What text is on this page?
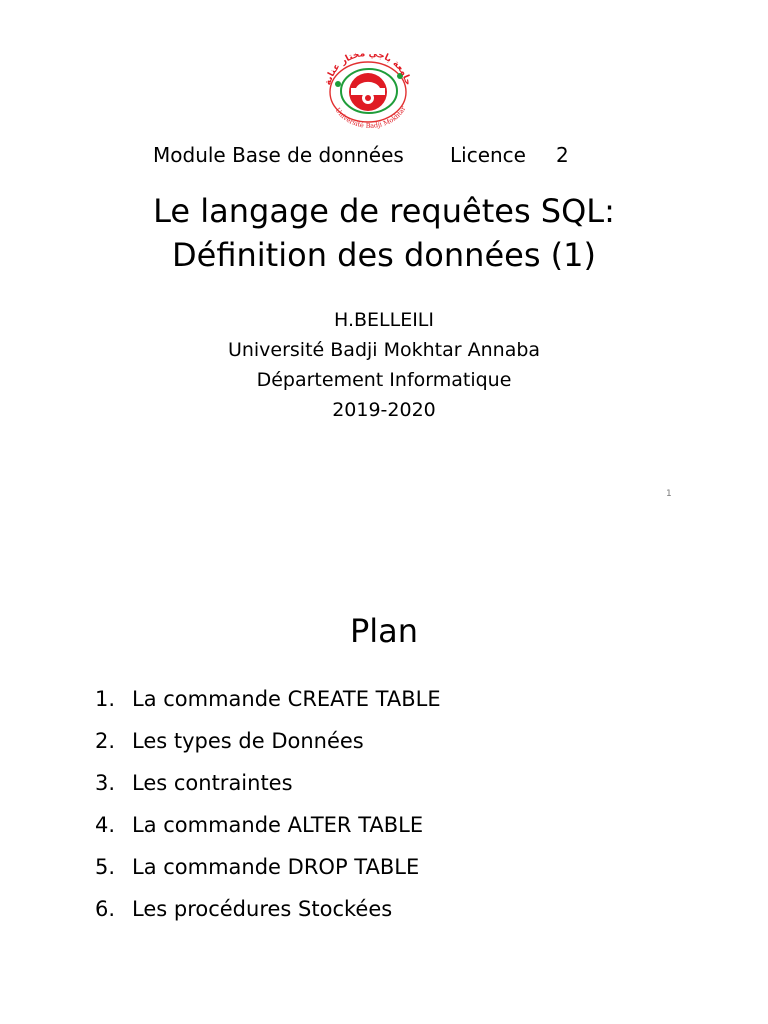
جامعة باجي مختار عنابة
Université Badji Mokhtar
Module Base de données Licence 2
Le langage de requêtes SQL:
Définition des données (1)
H.BELLEILI
Université Badji Mokhtar Annaba
Département Informatique
2019-2020
1
Plan
1. La commande CREATE TABLE
2. Les types de Données
3. Les contraintes
4. La commande ALTER TABLE
5. La commande DROP TABLE
6. Les procédures Stockées
